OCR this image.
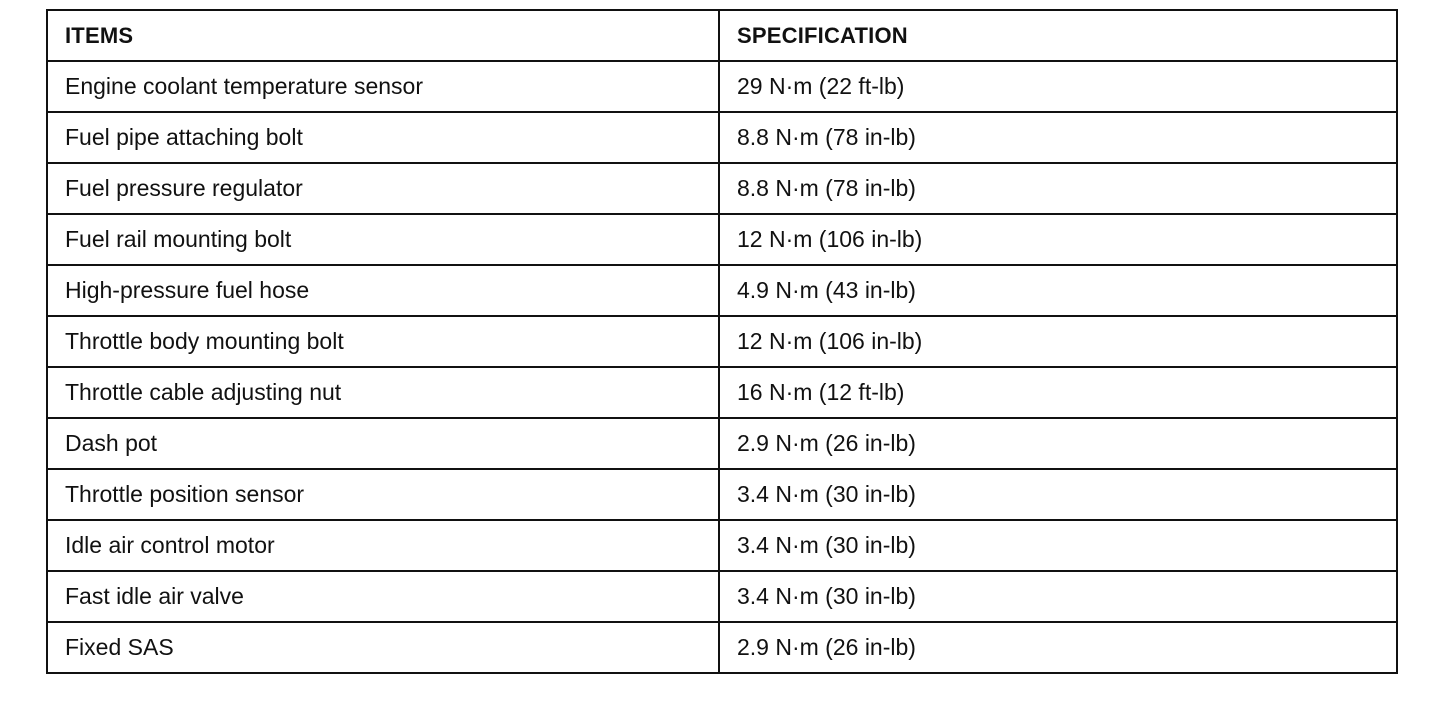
ITEMS	SPECIFICATION
Engine coolant temperature sensor	29 N·m (22 ft-lb)
Fuel pipe attaching bolt	8.8 N·m (78 in-lb)
Fuel pressure regulator	8.8 N·m (78 in-lb)
Fuel rail mounting bolt	12 N·m (106 in-lb)
High-pressure fuel hose	4.9 N·m (43 in-lb)
Throttle body mounting bolt	12 N·m (106 in-lb)
Throttle cable adjusting nut	16 N·m (12 ft-lb)
Dash pot	2.9 N·m (26 in-lb)
Throttle position sensor	3.4 N·m (30 in-lb)
Idle air control motor	3.4 N·m (30 in-lb)
Fast idle air valve	3.4 N·m (30 in-lb)
Fixed SAS	2.9 N·m (26 in-lb)
